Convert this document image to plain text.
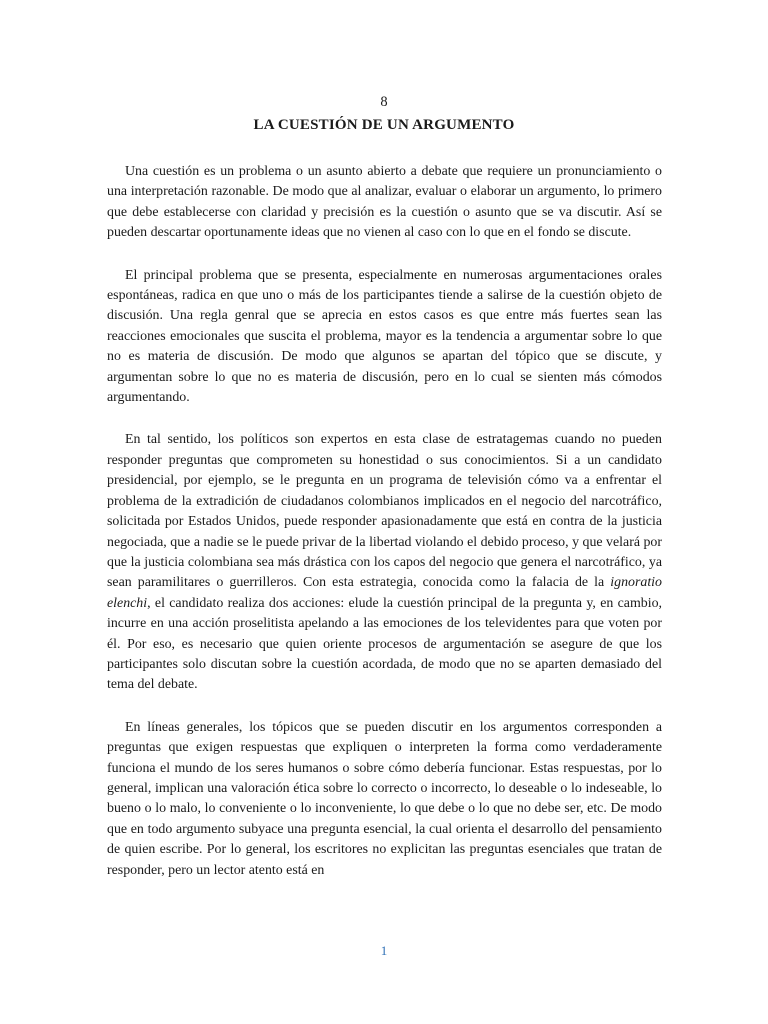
8
LA CUESTIÓN DE UN ARGUMENTO

Una cuestión es un problema o un asunto abierto a debate que requiere un pronunciamiento o una interpretación razonable. De modo que al analizar, evaluar o elaborar un argumento, lo primero que debe establecerse con claridad y precisión es la cuestión o asunto que se va discutir. Así se pueden descartar oportunamente ideas que no vienen al caso con lo que en el fondo se discute.

El principal problema que se presenta, especialmente en numerosas argumentaciones orales espontáneas, radica en que uno o más de los participantes tiende a salirse de la cuestión objeto de discusión. Una regla genral que se aprecia en estos casos es que entre más fuertes sean las reacciones emocionales que suscita el problema, mayor es la tendencia a argumentar sobre lo que no es materia de discusión. De modo que algunos se apartan del tópico que se discute, y argumentan sobre lo que no es materia de discusión, pero en lo cual se sienten más cómodos argumentando.

En tal sentido, los políticos son expertos en esta clase de estratagemas cuando no pueden responder preguntas que comprometen su honestidad o sus conocimientos. Si a un candidato presidencial, por ejemplo, se le pregunta en un programa de televisión cómo va a enfrentar el problema de la extradición de ciudadanos colombianos implicados en el negocio del narcotráfico, solicitada por Estados Unidos, puede responder apasionadamente que está en contra de la justicia negociada, que a nadie se le puede privar de la libertad violando el debido proceso, y que velará por que la justicia colombiana sea más drástica con los capos del negocio que genera el narcotráfico, ya sean paramilitares o guerrilleros. Con esta estrategia, conocida como la falacia de la ignoratio elenchi, el candidato realiza dos acciones: elude la cuestión principal de la pregunta y, en cambio, incurre en una acción proselitista apelando a las emociones de los televidentes para que voten por él. Por eso, es necesario que quien oriente procesos de argumentación se asegure de que los participantes solo discutan sobre la cuestión acordada, de modo que no se aparten demasiado del tema del debate.

En líneas generales, los tópicos que se pueden discutir en los argumentos corresponden a preguntas que exigen respuestas que expliquen o interpreten la forma como verdaderamente funciona el mundo de los seres humanos o sobre cómo debería funcionar. Estas respuestas, por lo general, implican una valoración ética sobre lo correcto o incorrecto, lo deseable o lo indeseable, lo bueno o lo malo, lo conveniente o lo inconveniente, lo que debe o lo que no debe ser, etc. De modo que en todo argumento subyace una pregunta esencial, la cual orienta el desarrollo del pensamiento de quien escribe. Por lo general, los escritores no explicitan las preguntas esenciales que tratan de responder, pero un lector atento está en

1
